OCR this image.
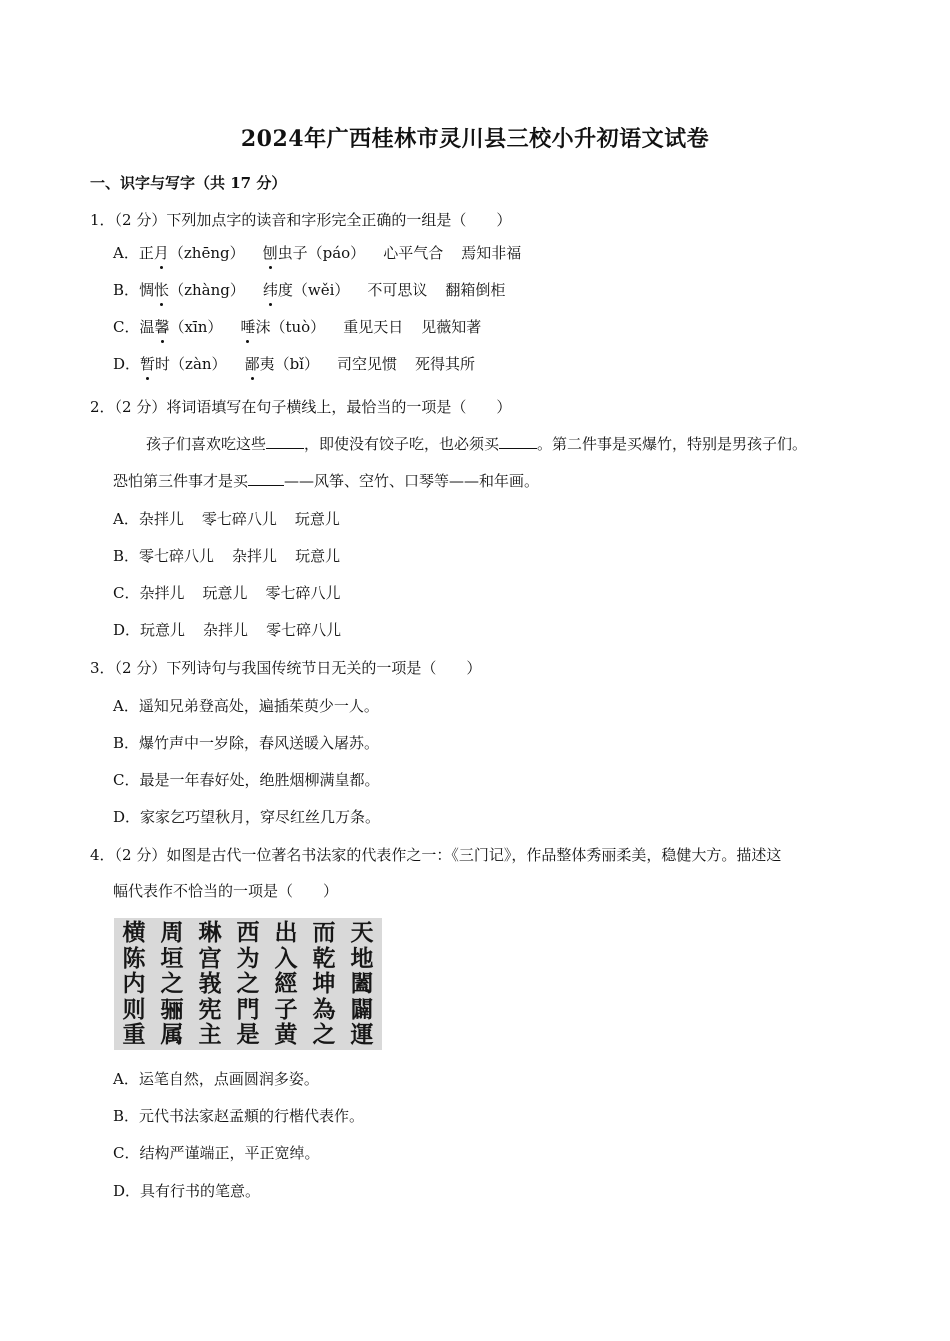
2024年广西桂林市灵川县三校小升初语文试卷
一、识字与写字（共 17 分）
1．（2 分）下列加点字的读音和字形完全正确的一组是（　　）
A．正月（zhēng） 刨虫子（páo） 心平气合 焉知非福
B．惆怅（zhàng） 纬度（wěi） 不可思议 翻箱倒柜
C．温馨（xīn） 唾沫（tuò） 重见天日 见薇知著
D．暂时（zàn） 鄙夷（bǐ） 司空见惯 死得其所
2．（2 分）将词语填写在句子横线上，最恰当的一项是（　　）
孩子们喜欢吃这些	，即使没有饺子吃，也必须买	。第二件事是买爆竹，特别是男孩子们。
恐怕第三件事才是买 ——风筝、空竹、口琴等——和年画。
A．杂拌儿 零七碎八儿 玩意儿
B．零七碎八儿 杂拌儿 玩意儿
C．杂拌儿 玩意儿 零七碎八儿
D．玩意儿 杂拌儿 零七碎八儿
3．（2 分）下列诗句与我国传统节日无关的一项是（　　）
A．遥知兄弟登高处，遍插茱萸少一人。
B．爆竹声中一岁除，春风送暖入屠苏。
C．最是一年春好处，绝胜烟柳满皇都。
D．家家乞巧望秋月，穿尽红丝几万条。
4．（2 分）如图是古代一位著名书法家的代表作之一：《三门记》，作品整体秀丽柔美，稳健大方。描述这
幅代表作不恰当的一项是（　　）
横
陈
内
则
重
周
垣
之
骊
属
琳
宫
峩
宪
主
西
为
之
門
是
出
入
經
子
黄
而
乾
坤
為
之
天
地
闔
闢
運
A．运笔自然，点画圆润多姿。
B．元代书法家赵孟頫的行楷代表作。
C．结构严谨端正，平正宽绰。
D．具有行书的笔意。
